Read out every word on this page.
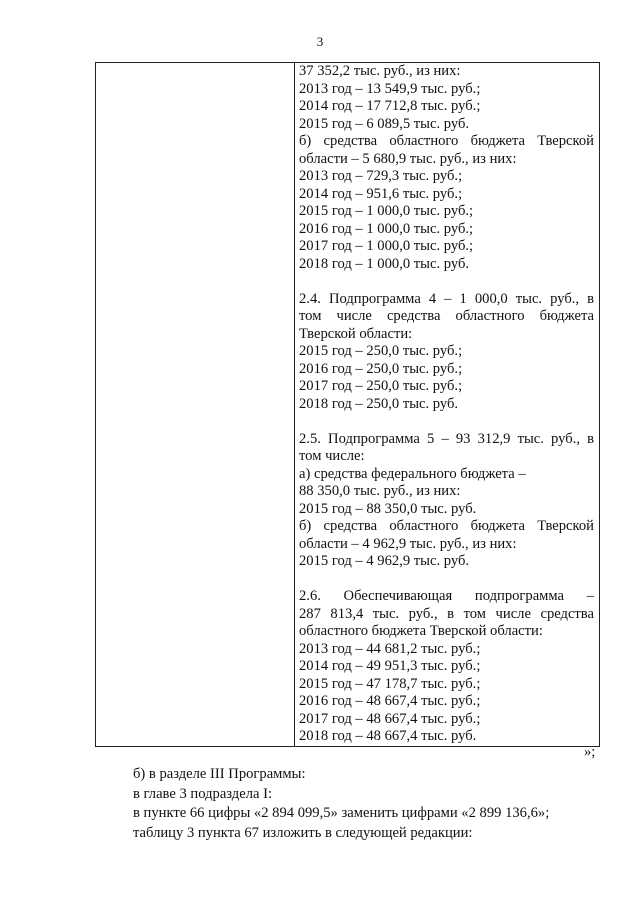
3

37 352,2 тыс. руб., из них:
2013 год – 13 549,9 тыс. руб.;
2014 год – 17 712,8 тыс. руб.;
2015 год – 6 089,5 тыс. руб.
б) средства областного бюджета Тверской
области – 5 680,9 тыс. руб., из них:
2013 год – 729,3 тыс. руб.;
2014 год – 951,6 тыс. руб.;
2015 год – 1 000,0 тыс. руб.;
2016 год – 1 000,0 тыс. руб.;
2017 год – 1 000,0 тыс. руб.;
2018 год – 1 000,0 тыс. руб.
2.4. Подпрограмма 4 – 1 000,0 тыс. руб., в
том числе средства областного бюджета
Тверской области:
2015 год – 250,0 тыс. руб.;
2016 год – 250,0 тыс. руб.;
2017 год – 250,0 тыс. руб.;
2018 год – 250,0 тыс. руб.
2.5. Подпрограмма 5 – 93 312,9 тыс. руб., в
том числе:
а) средства федерального бюджета –
88 350,0 тыс. руб., из них:
2015 год – 88 350,0 тыс. руб.
б) средства областного бюджета Тверской
области – 4 962,9 тыс. руб., из них:
2015 год – 4 962,9 тыс. руб.
2.6. Обеспечивающая подпрограмма –
287 813,4 тыс. руб., в том числе средства
областного бюджета Тверской области:
2013 год – 44 681,2 тыс. руб.;
2014 год – 49 951,3 тыс. руб.;
2015 год – 47 178,7 тыс. руб.;
2016 год – 48 667,4 тыс. руб.;
2017 год – 48 667,4 тыс. руб.;
2018 год – 48 667,4 тыс. руб.
»;
б) в разделе III Программы:
в главе 3 подраздела I:
в пункте 66 цифры «2 894 099,5» заменить цифрами «2 899 136,6»;
таблицу 3 пункта 67 изложить в следующей редакции:
